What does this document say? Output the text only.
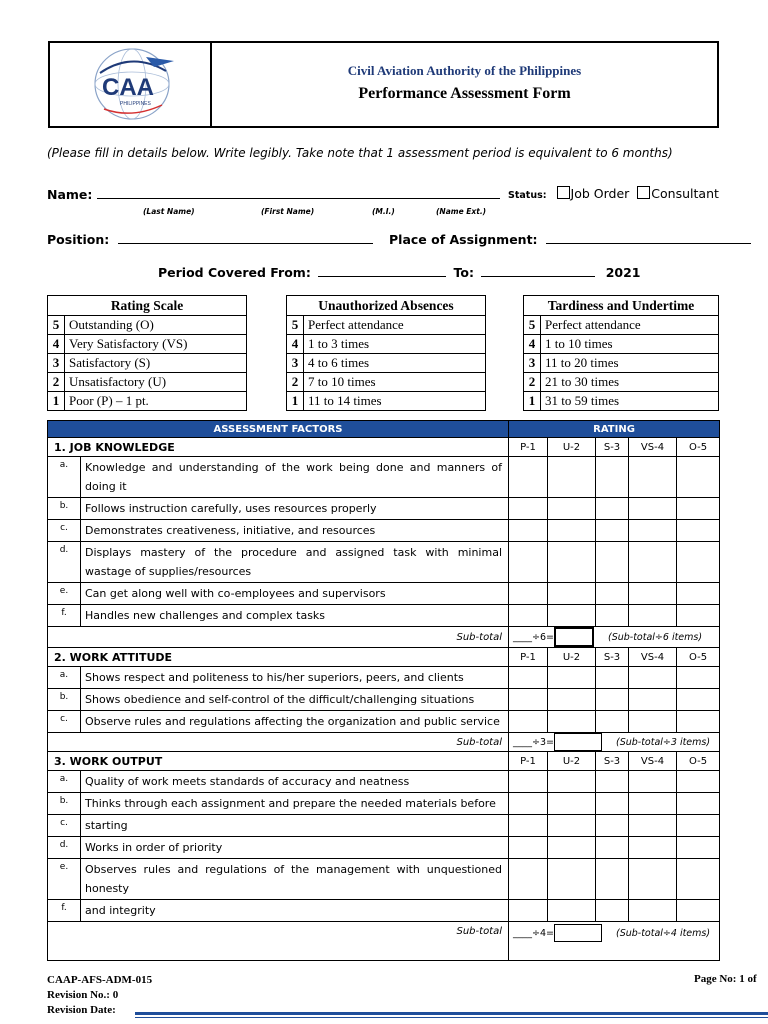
CAA
PHILIPPINES
Civil Aviation Authority of the Philippines
Performance Assessment Form
(Please fill in details below. Write legibly. Take note that 1 assessment period is equivalent to 6 months)
Name:
(Last Name)	(First Name)	(M.I.)	(Name Ext.)
Status: Job Order Consultant
Position:	Place of Assignment:
Period Covered From:	To:	2021
Rating Scale	
5	Outstanding (O)
4	Very Satisfactory (VS)
3	Satisfactory (S)
2	Unsatisfactory (U)
1	Poor (P) – 1 pt.
Unauthorized Absences	
5	Perfect attendance
4	1 to 3 times
3	4 to 6 times
2	7 to 10 times
1	11 to 14 times
Tardiness and Undertime	
5	Perfect attendance
4	1 to 10 times
3	11 to 20 times
2	21 to 30 times
1	31 to 59 times
ASSESSMENT FACTORS		RATING				
1. JOB KNOWLEDGE		P-1	U-2	S-3	VS-4	O-5
a.	Knowledge and understanding of the work being done and manners of doing it					
b.	Follows instruction carefully, uses resources properly					
c.	Demonstrates creativeness, initiative, and resources					
d.	Displays mastery of the procedure and assigned task with minimal wastage of supplies/resources					
e.	Can get along well with co-employees and supervisors					
f.	Handles new challenges and complex tasks					
Sub-total		____÷6= (Sub-total÷6 items)				
2. WORK ATTITUDE		P-1	U-2	S-3	VS-4	O-5
a.	Shows respect and politeness to his/her superiors, peers, and clients					
b.	Shows obedience and self-control of the difficult/challenging situations					
c.	Observe rules and regulations affecting the organization and public service					
Sub-total		____÷3= (Sub-total÷3 items)				
3. WORK OUTPUT		P-1	U-2	S-3	VS-4	O-5
a.	Quality of work meets standards of accuracy and neatness					
b.	Thinks through each assignment and prepare the needed materials before					
c.	starting					
d.	Works in order of priority					
e.	Observes rules and regulations of the management with unquestioned honesty					
f.	and integrity					
Sub-total		____÷4= (Sub-total÷4 items)				
CAAP-AFS-ADM-015
Revision No.: 0
Revision Date:
Page No: 1 of
